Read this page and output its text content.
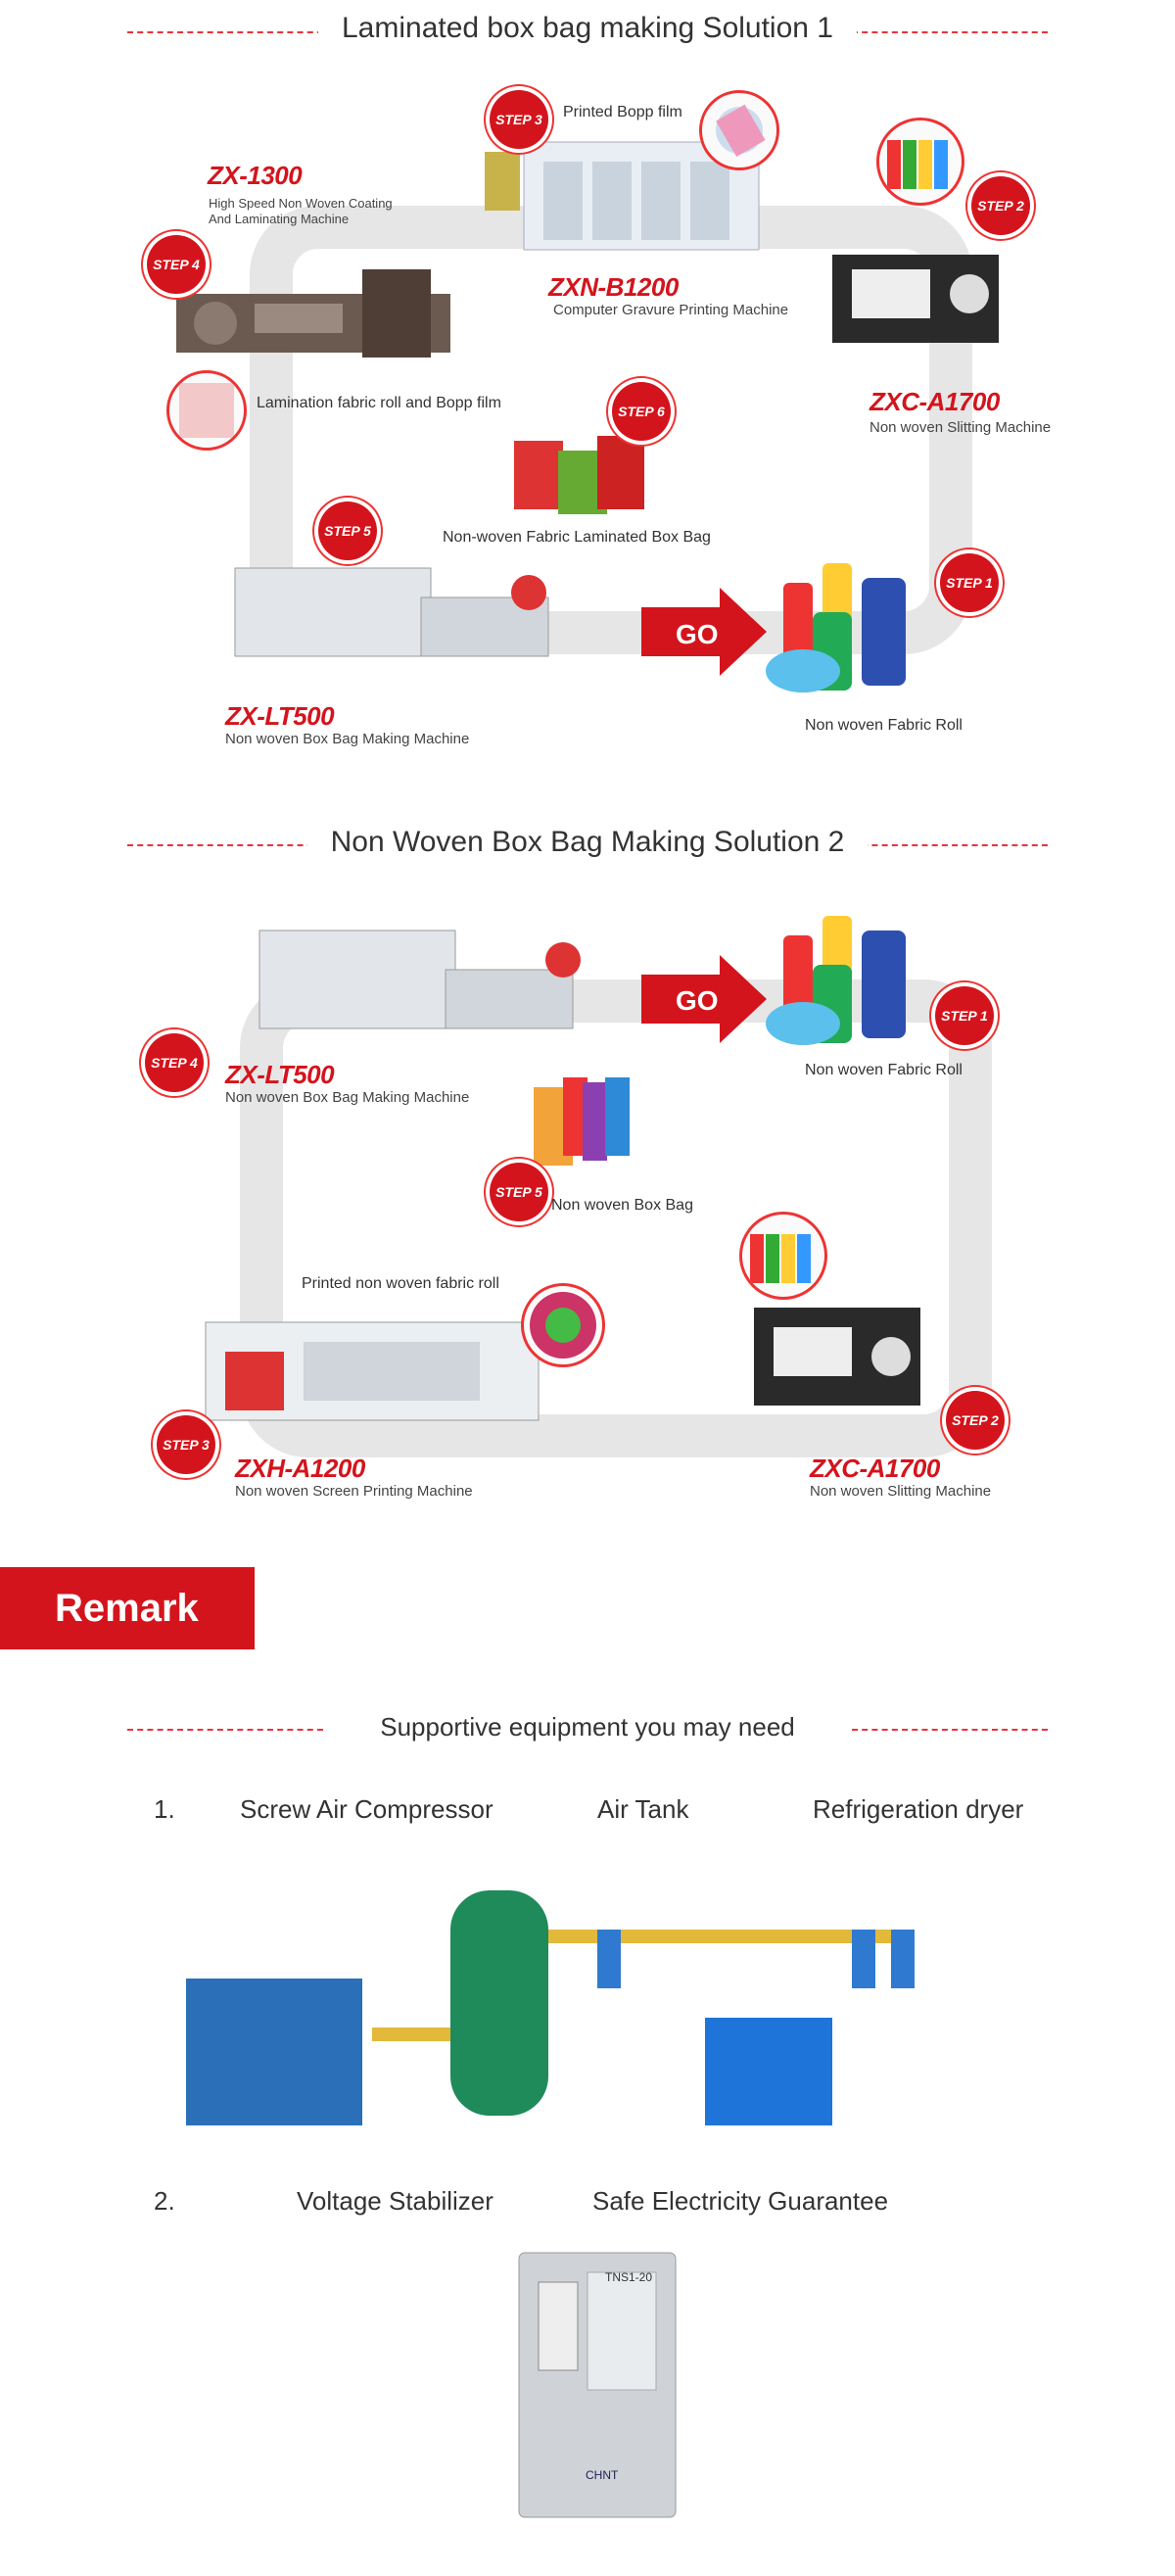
Laminated box bag making Solution 1
STEP 3 Printed Bopp film
ZXN-B1200
Computer Gravure Printing Machine
ZX-1300
High Speed Non Woven Coating
And Laminating Machine
STEP 4
Lamination fabric roll and Bopp film
STEP 2
ZXC-A1700
Non woven Slitting Machine
STEP 6
Non-woven Fabric Laminated Box Bag
STEP 5
ZX-LT500
Non woven Box Bag Making Machine
GO
STEP 1
Non woven Fabric Roll
Non Woven Box Bag Making Solution 2
STEP 4 ZX-LT500
Non woven Box Bag Making Machine
GO	STEP 1
Non woven Fabric Roll
STEP 5
Non woven Box Bag
STEP 2
ZXC-A1700
Non woven Slitting Machine
Printed non woven fabric roll
STEP 3
ZXH-A1200
Non woven Screen Printing Machine
Remark
Supportive equipment you may need
1.	Screw Air Compressor	Air Tank	Refrigeration dryer
2.	Voltage Stabilizer	Safe Electricity Guarantee
TNS1-20
CHNT
